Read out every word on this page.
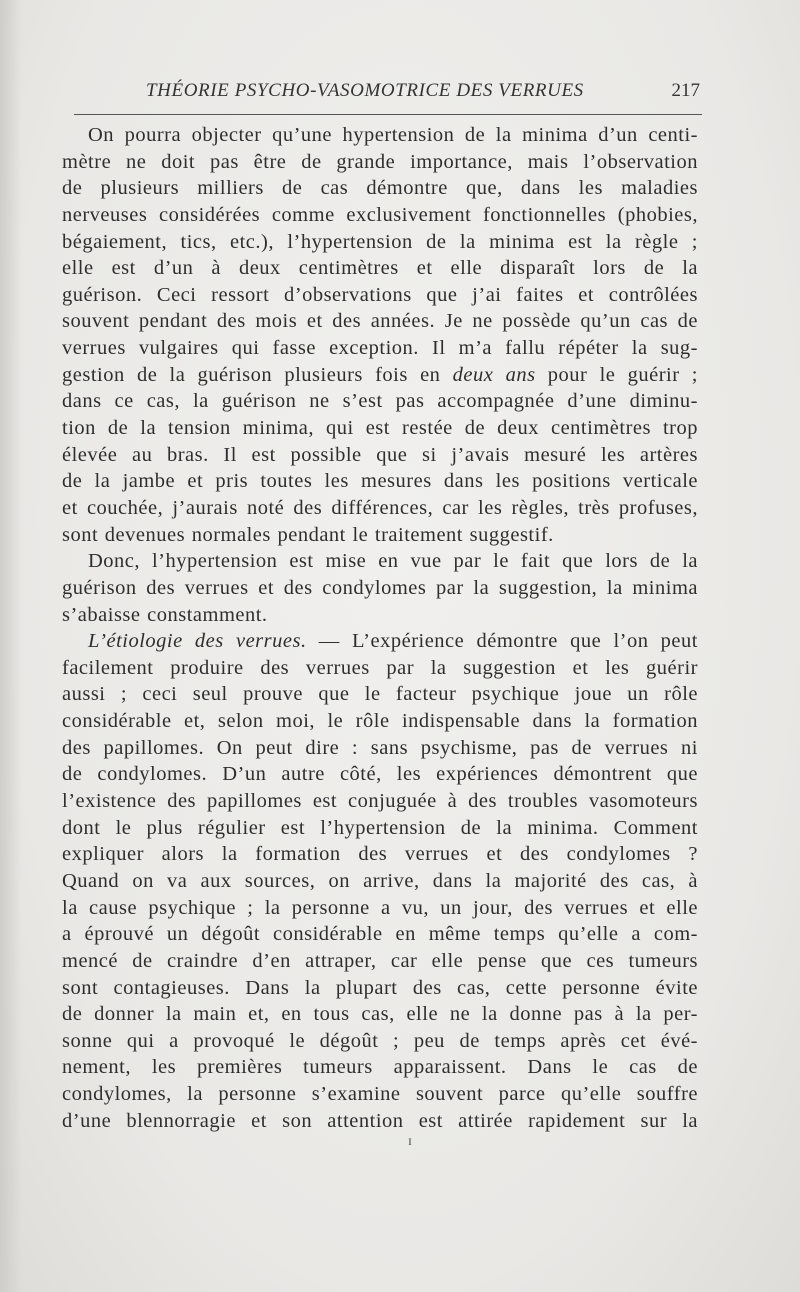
THÉORIE PSYCHO-VASOMOTRICE DES VERRUES	217
On pourra objecter qu’une hypertension de la minima d’un centi-
mètre ne doit pas être de grande importance, mais l’observation
de plusieurs milliers de cas démontre que, dans les maladies
nerveuses considérées comme exclusivement fonctionnelles (phobies,
bégaiement, tics, etc.), l’hypertension de la minima est la règle ;
elle est d’un à deux centimètres et elle disparaît lors de la
guérison. Ceci ressort d’observations que j’ai faites et contrôlées
souvent pendant des mois et des années. Je ne possède qu’un cas de
verrues vulgaires qui fasse exception. Il m’a fallu répéter la sug-
gestion de la guérison plusieurs fois en deux ans pour le guérir ;
dans ce cas, la guérison ne s’est pas accompagnée d’une diminu-
tion de la tension minima, qui est restée de deux centimètres trop
élevée au bras. Il est possible que si j’avais mesuré les artères
de la jambe et pris toutes les mesures dans les positions verticale
et couchée, j’aurais noté des différences, car les règles, très profuses,
sont devenues normales pendant le traitement suggestif.
Donc, l’hypertension est mise en vue par le fait que lors de la
guérison des verrues et des condylomes par la suggestion, la minima
s’abaisse constamment.
L’étiologie des verrues. — L’expérience démontre que l’on peut
facilement produire des verrues par la suggestion et les guérir
aussi ; ceci seul prouve que le facteur psychique joue un rôle
considérable et, selon moi, le rôle indispensable dans la formation
des papillomes. On peut dire : sans psychisme, pas de verrues ni
de condylomes. D’un autre côté, les expériences démontrent que
l’existence des papillomes est conjuguée à des troubles vasomoteurs
dont le plus régulier est l’hypertension de la minima. Comment
expliquer alors la formation des verrues et des condylomes ?
Quand on va aux sources, on arrive, dans la majorité des cas, à
la cause psychique ; la personne a vu, un jour, des verrues et elle
a éprouvé un dégoût considérable en même temps qu’elle a com-
mencé de craindre d’en attraper, car elle pense que ces tumeurs
sont contagieuses. Dans la plupart des cas, cette personne évite
de donner la main et, en tous cas, elle ne la donne pas à la per-
sonne qui a provoqué le dégoût ; peu de temps après cet évé-
nement, les premières tumeurs apparaissent. Dans le cas de
condylomes, la personne s’examine souvent parce qu’elle souffre
d’une blennorragie et son attention est attirée rapidement sur la
ɪ
